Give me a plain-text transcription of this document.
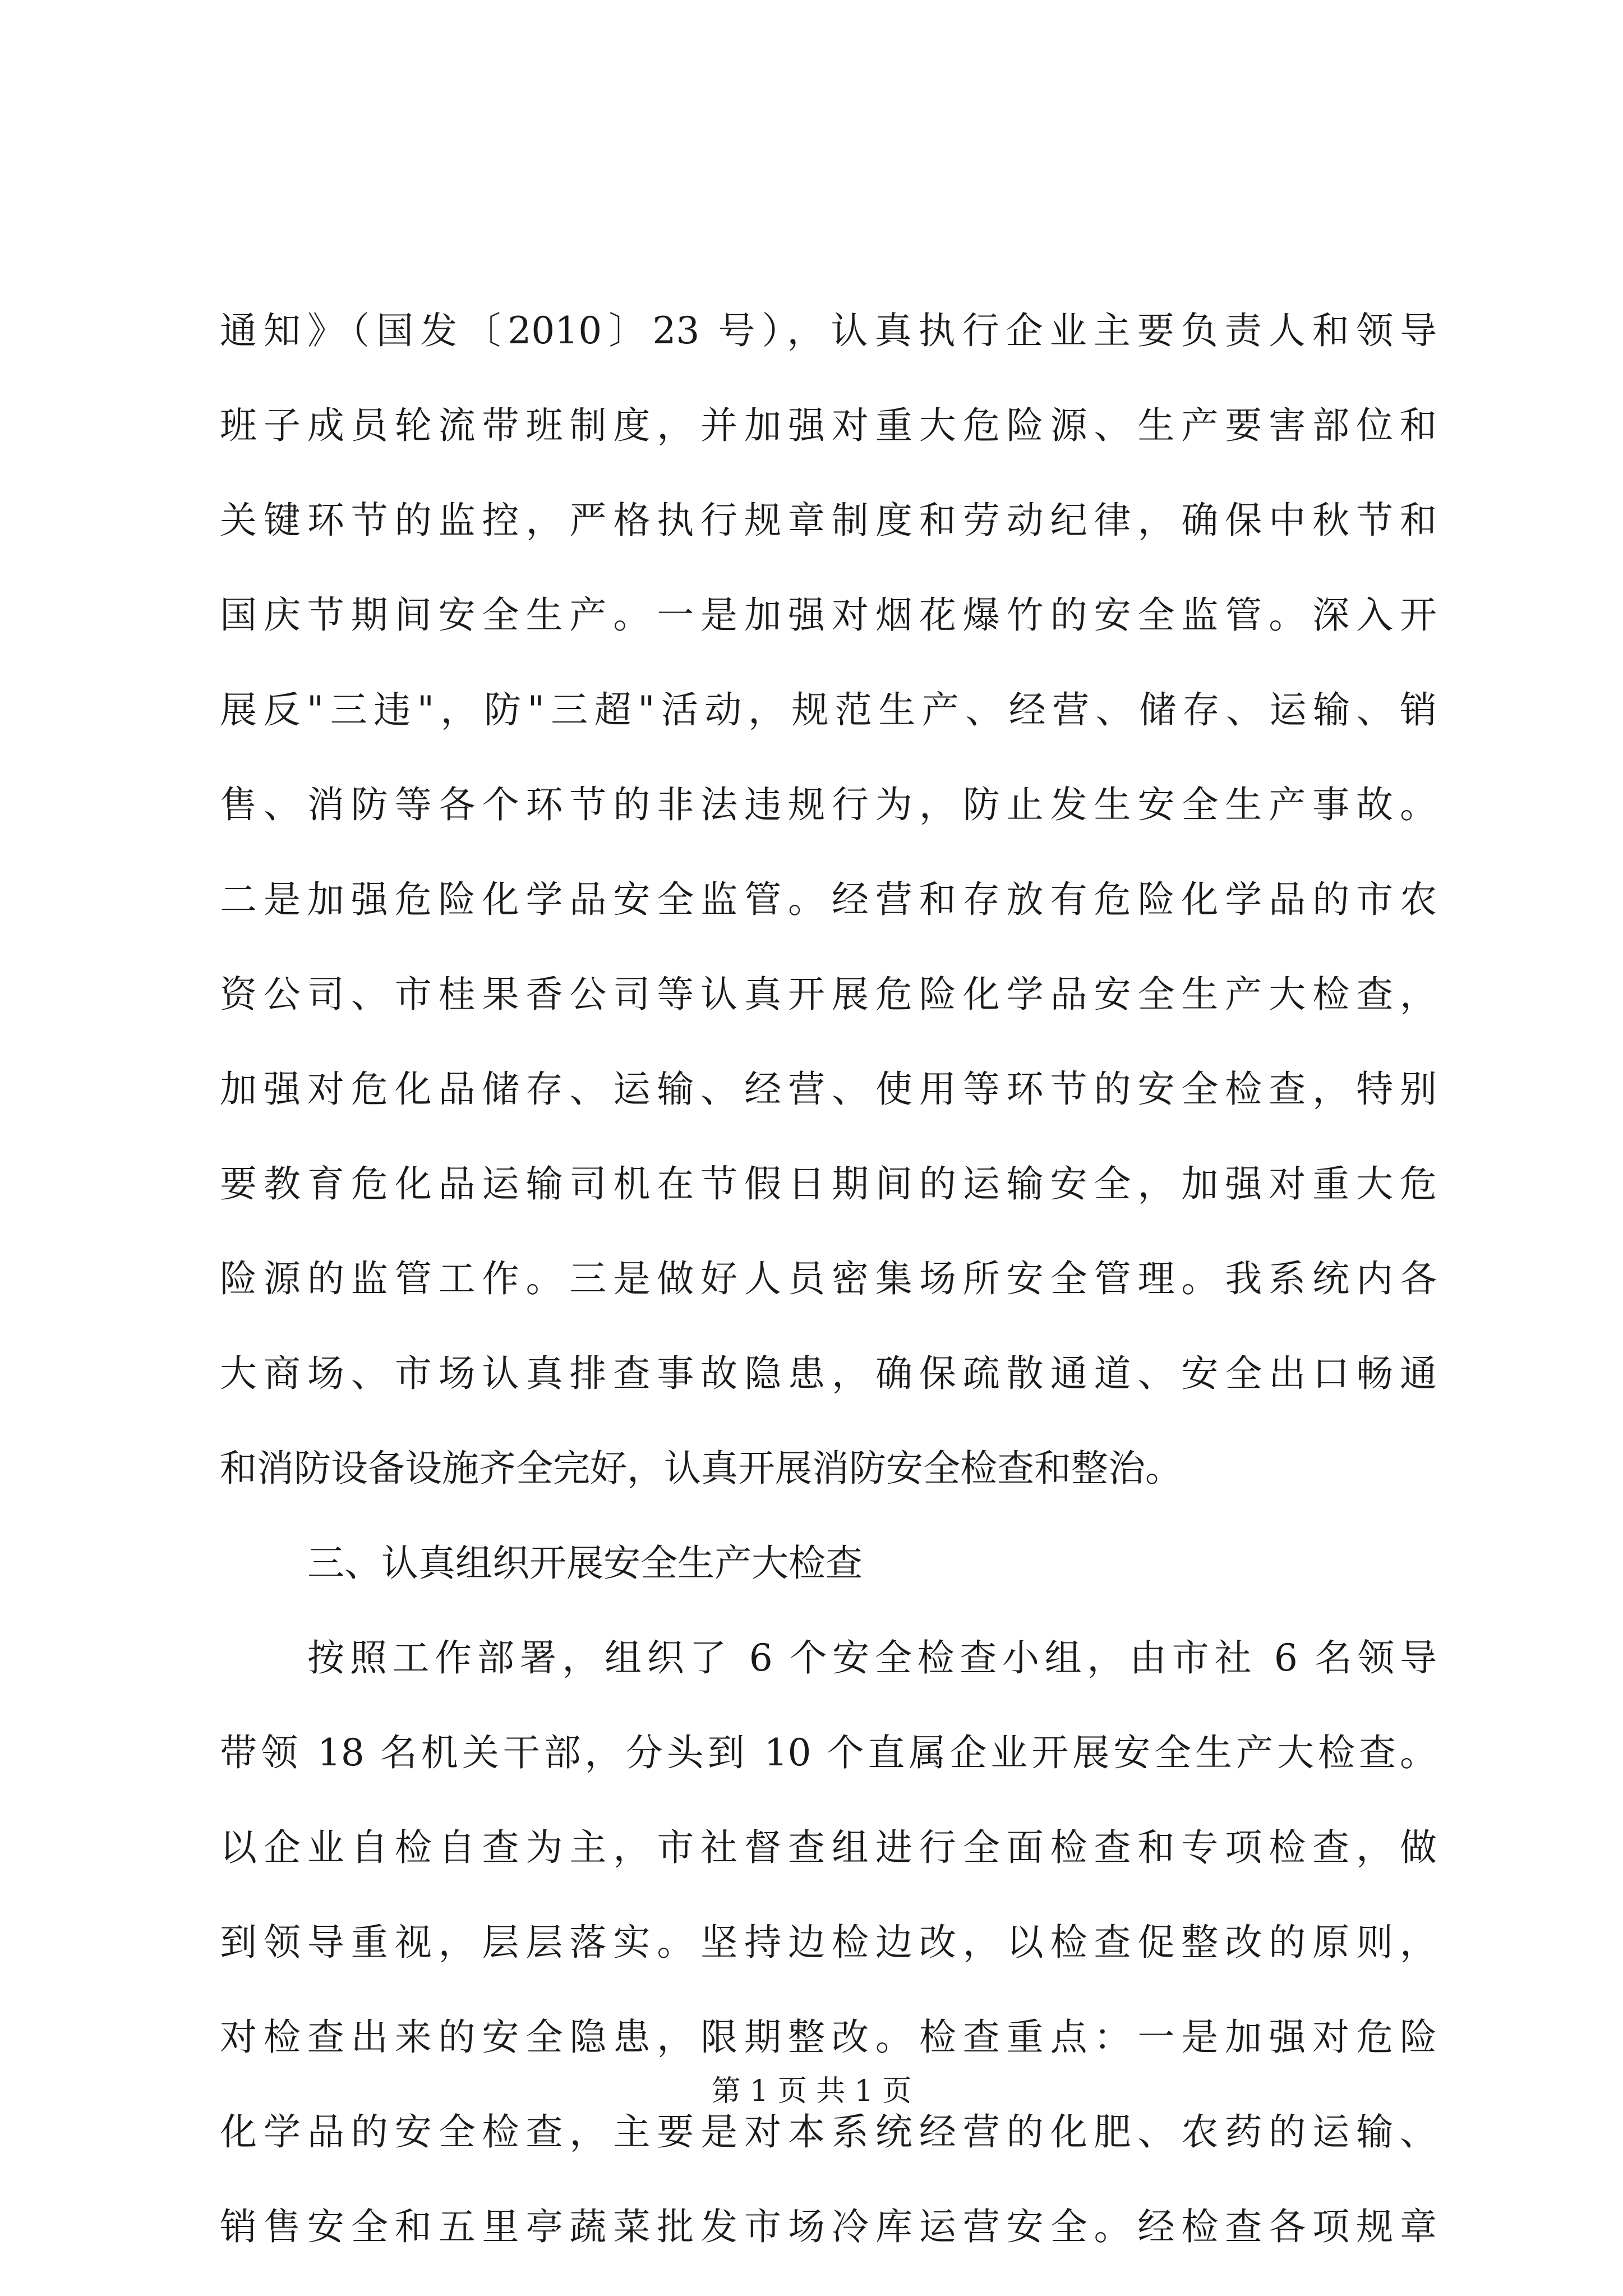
通知》（国发〔2010〕23 号），认真执行企业主要负责人和领导
班子成员轮流带班制度，并加强对重大危险源、生产要害部位和
关键环节的监控，严格执行规章制度和劳动纪律，确保中秋节和
国庆节期间安全生产。一是加强对烟花爆竹的安全监管。深入开
展反"三违"，防"三超"活动，规范生产、经营、储存、运输、销
售、消防等各个环节的非法违规行为，防止发生安全生产事故。
二是加强危险化学品安全监管。经营和存放有危险化学品的市农
资公司、市桂果香公司等认真开展危险化学品安全生产大检查，
加强对危化品储存、运输、经营、使用等环节的安全检查，特别
要教育危化品运输司机在节假日期间的运输安全，加强对重大危
险源的监管工作。三是做好人员密集场所安全管理。我系统内各
大商场、市场认真排查事故隐患，确保疏散通道、安全出口畅通
和消防设备设施齐全完好，认真开展消防安全检查和整治。
三、认真组织开展安全生产大检查
按照工作部署，组织了 6 个安全检查小组，由市社 6 名领导
带领 18 名机关干部，分头到 10 个直属企业开展安全生产大检查。
以企业自检自查为主，市社督查组进行全面检查和专项检查，做
到领导重视，层层落实。坚持边检边改，以检查促整改的原则，
对检查出来的安全隐患，限期整改。检查重点：一是加强对危险
化学品的安全检查，主要是对本系统经营的化肥、农药的运输、
销售安全和五里亭蔬菜批发市场冷库运营安全。经检查各项规章
第 1 页 共 1 页
